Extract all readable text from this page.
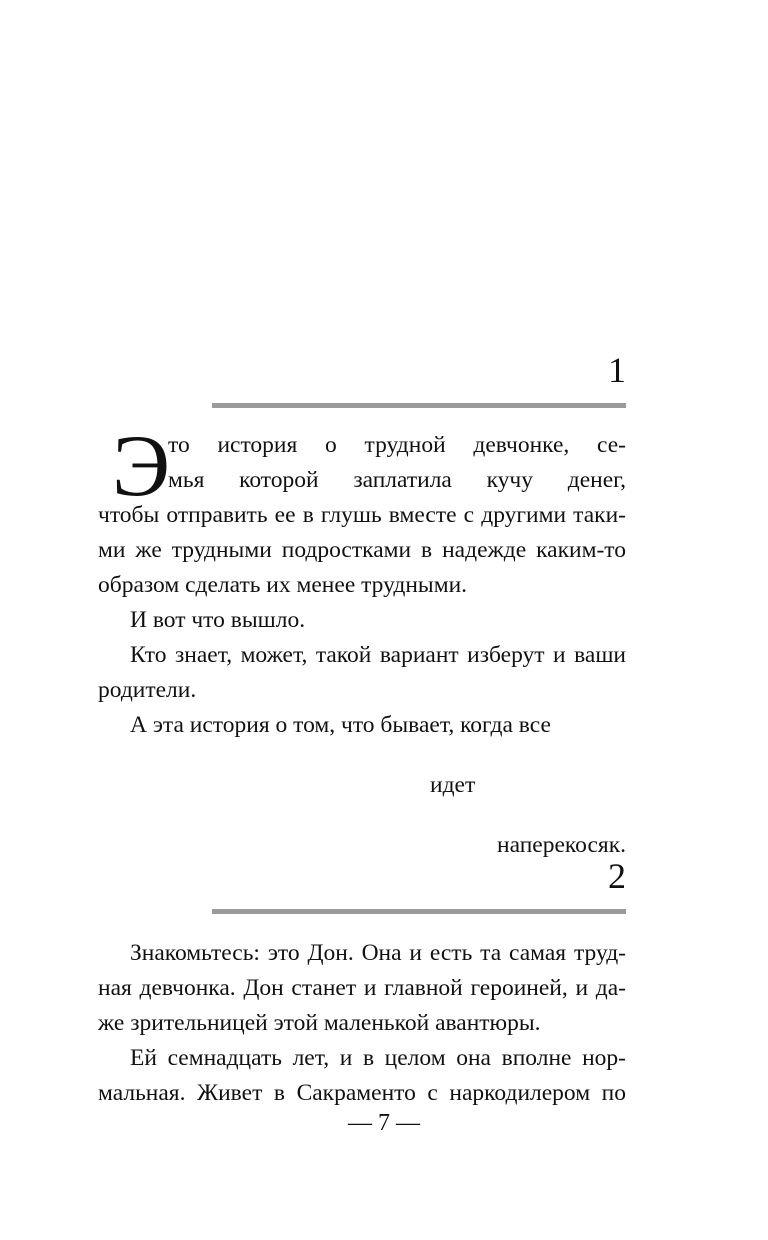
1
Э
то история о трудной девчонке, се-
мья которой заплатила кучу денег,
чтобы отправить ее в глушь вместе с другими таки-
ми же трудными подростками в надежде каким-то
образом сделать их менее трудными.
И вот что вышло.
Кто знает, может, такой вариант изберут и ваши
родители.
А эта история о том, что бывает, когда все
идет
наперекосяк.
2
Знакомьтесь: это Дон. Она и есть та самая труд-
ная девчонка. Дон станет и главной героиней, и да-
же зрительницей этой маленькой авантюры.
Ей семнадцать лет, и в целом она вполне нор-
мальная. Живет в Сакраменто с наркодилером по
— 7 —
